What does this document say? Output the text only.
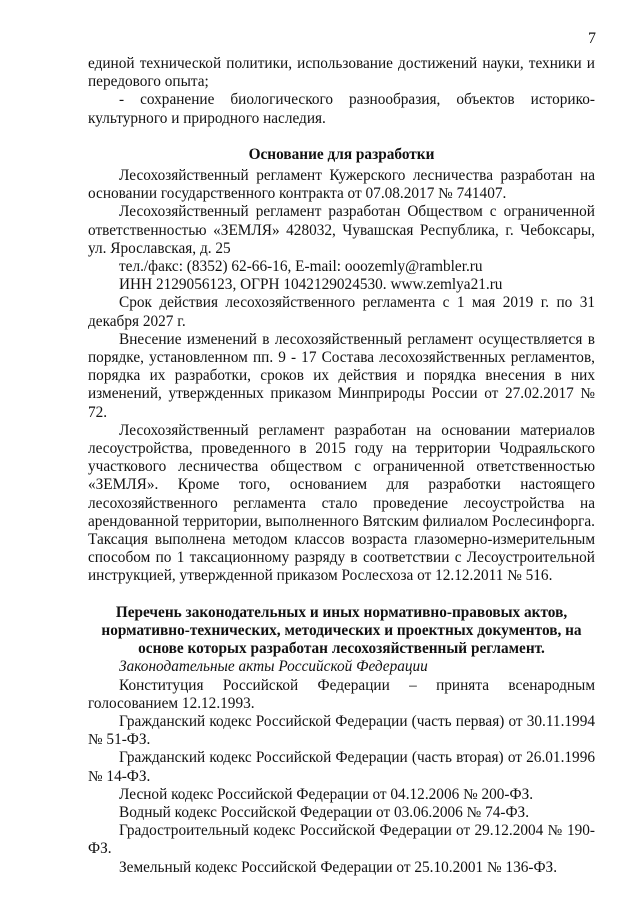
7

единой технической политики, использование достижений науки, техники и передового опыта;

- сохранение биологического разнообразия, объектов историко-культурного и природного наследия.

Основание для разработки

Лесохозяйственный регламент Кужерского лесничества разработан на основании государственного контракта от 07.08.2017 № 741407.

Лесохозяйственный регламент разработан Обществом с ограниченной ответственностью «ЗЕМЛЯ» 428032, Чувашская Республика, г. Чебоксары, ул. Ярославская, д. 25

тел./факс: (8352) 62-66-16, E-mail: ooozemly@rambler.ru

ИНН 2129056123, ОГРН 1042129024530. www.zemlya21.ru

Срок действия лесохозяйственного регламента с 1 мая 2019 г. по 31 декабря 2027 г.

Внесение изменений в лесохозяйственный регламент осуществляется в порядке, установленном пп. 9 - 17 Состава лесохозяйственных регламентов, порядка их разработки, сроков их действия и порядка внесения в них изменений, утвержденных приказом Минприроды России от 27.02.2017 № 72.

Лесохозяйственный регламент разработан на основании материалов лесоустройства, проведенного в 2015 году на территории Чодраяльского участкового лесничества обществом с ограниченной ответственностью «ЗЕМЛЯ». Кроме того, основанием для разработки настоящего лесохозяйственного регламента стало проведение лесоустройства на арендованной территории, выполненного Вятским филиалом Рослесинфорга. Таксация выполнена методом классов возраста глазомерно-измерительным способом по 1 таксационному разряду в соответствии с Лесоустроительной инструкцией, утвержденной приказом Рослесхоза от 12.12.2011 № 516.

Перечень законодательных и иных нормативно-правовых актов, нормативно-технических, методических и проектных документов, на основе которых разработан лесохозяйственный регламент.

Законодательные акты Российской Федерации

Конституция Российской Федерации – принята всенародным голосованием 12.12.1993.

Гражданский кодекс Российской Федерации (часть первая) от 30.11.1994 № 51-ФЗ.

Гражданский кодекс Российской Федерации (часть вторая) от 26.01.1996 № 14-ФЗ.

Лесной кодекс Российской Федерации от 04.12.2006 № 200-ФЗ.

Водный кодекс Российской Федерации от 03.06.2006 № 74-ФЗ.

Градостроительный кодекс Российской Федерации от 29.12.2004 № 190-ФЗ.

Земельный кодекс Российской Федерации от 25.10.2001 № 136-ФЗ.
